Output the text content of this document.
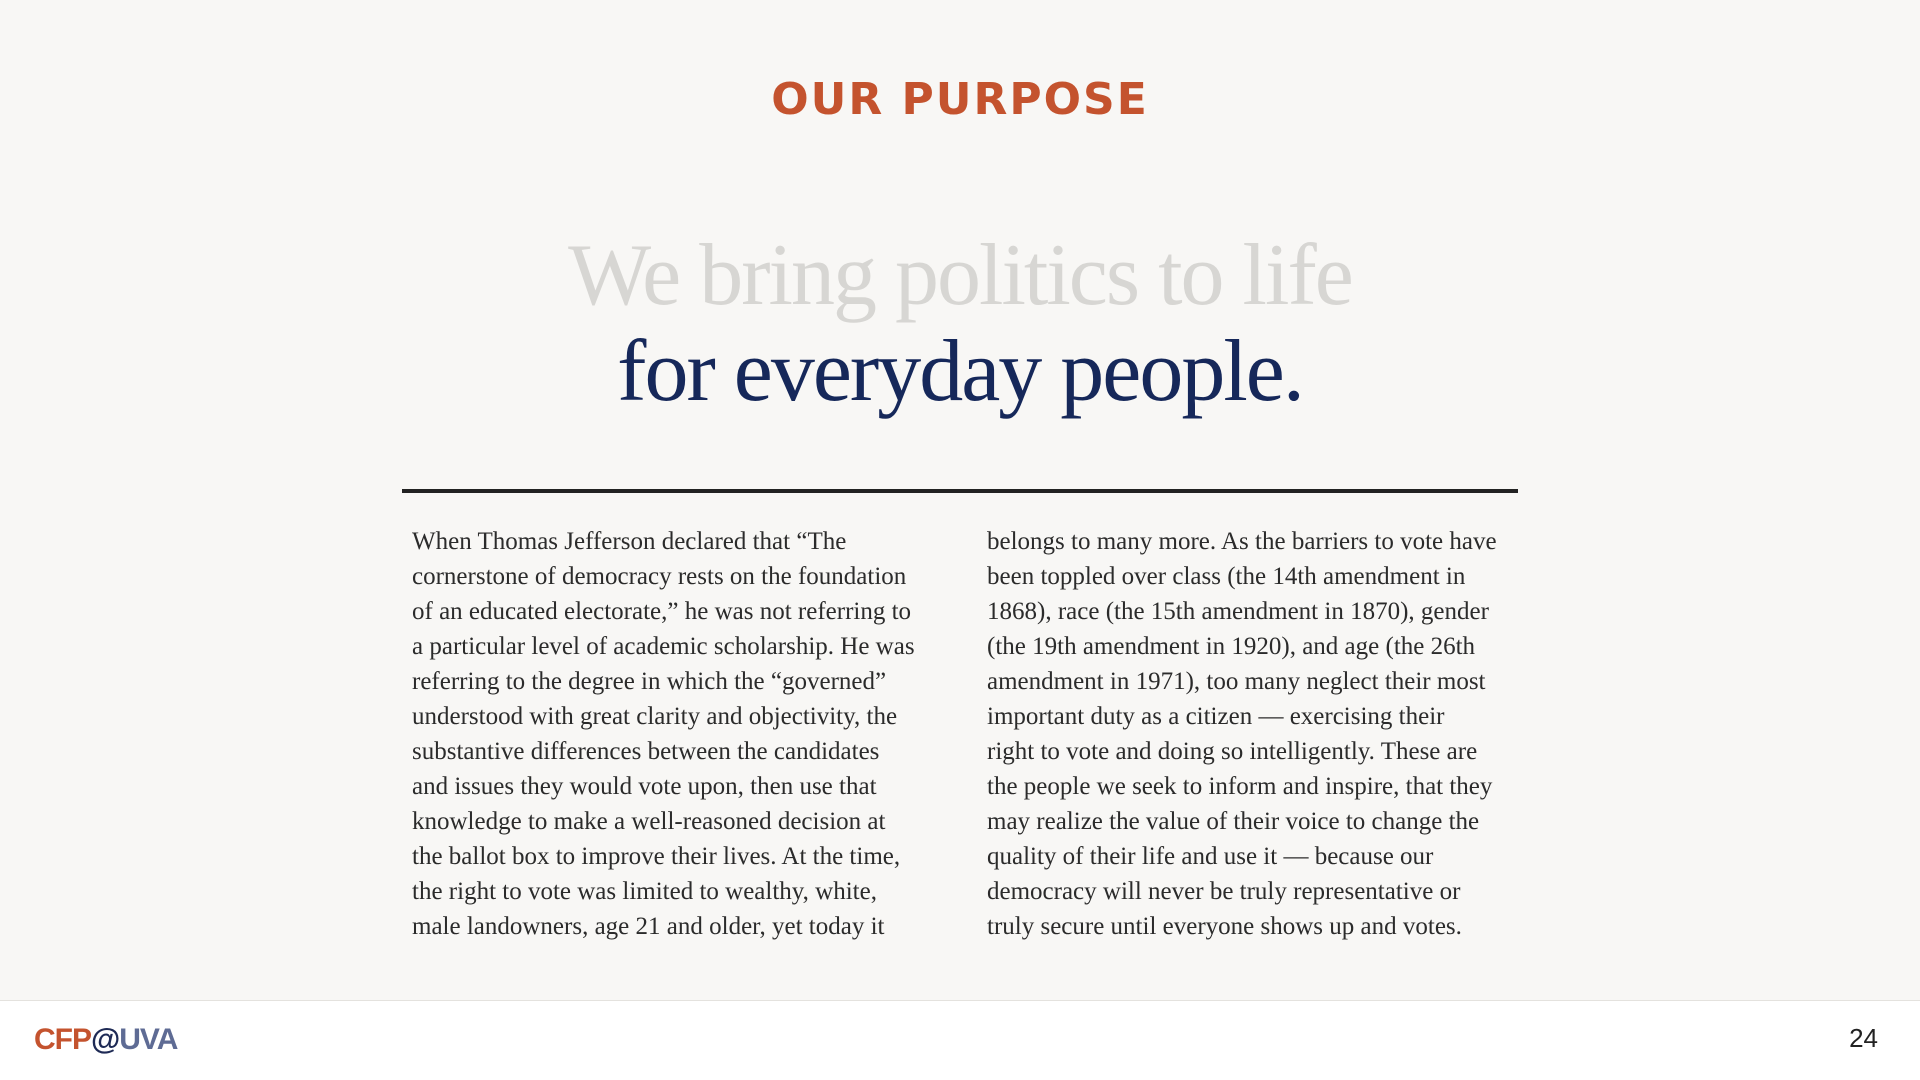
OUR PURPOSE
We bring politics to life
for everyday people.

When Thomas Jefferson declared that “The

cornerstone of democracy rests on the foundation

of an educated electorate,” he was not referring to

a particular level of academic scholarship. He was

referring to the degree in which the “governed”

understood with great clarity and objectivity, the

substantive differences between the candidates

and issues they would vote upon, then use that

knowledge to make a well-reasoned decision at

the ballot box to improve their lives. At the time,

the right to vote was limited to wealthy, white,

male landowners, age 21 and older, yet today it

belongs to many more. As the barriers to vote have

been toppled over class (the 14th amendment in

1868), race (the 15th amendment in 1870), gender

(the 19th amendment in 1920), and age (the 26th

amendment in 1971), too many neglect their most

important duty as a citizen — exercising their

right to vote and doing so intelligently. These are

the people we seek to inform and inspire, that they

may realize the value of their voice to change the

quality of their life and use it — because our

democracy will never be truly representative or

truly secure until everyone shows up and votes.

CFP@UVA	24
